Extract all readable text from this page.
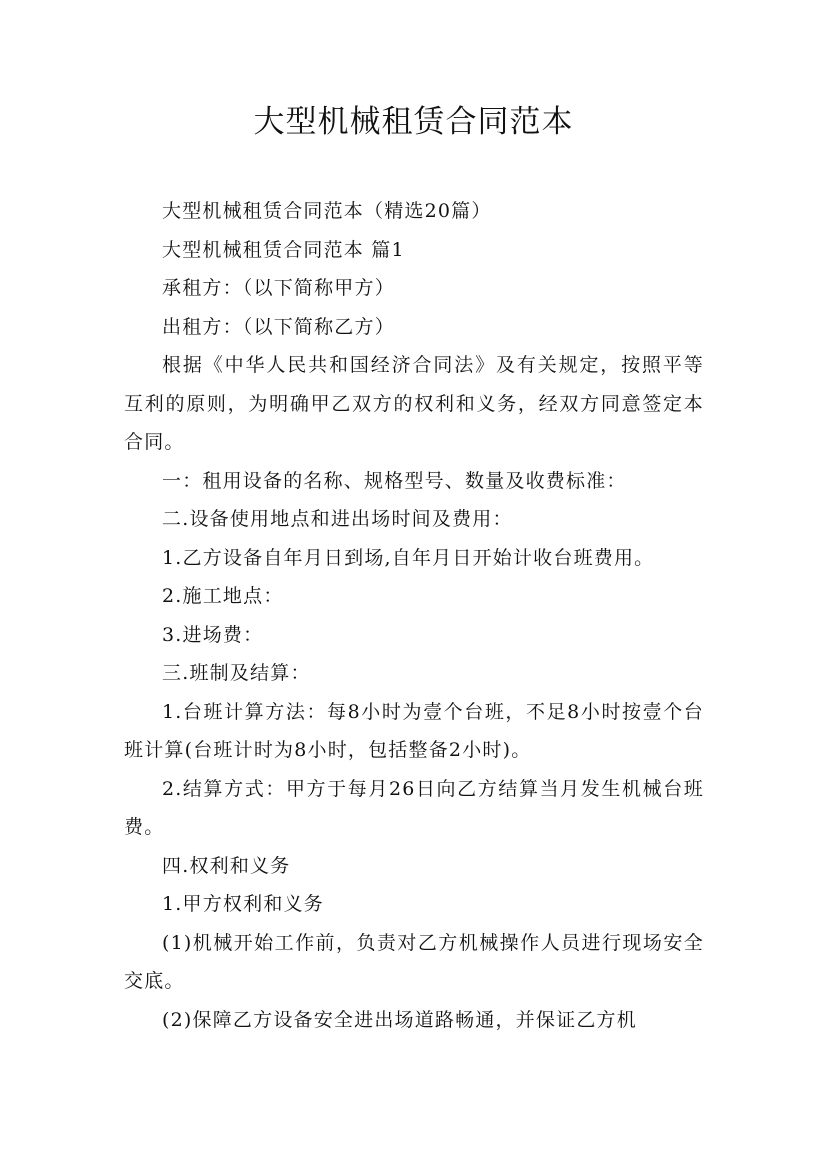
大型机械租赁合同范本

大型机械租赁合同范本（精选20篇）

大型机械租赁合同范本 篇1

承租方：（以下简称甲方）

出租方：（以下简称乙方）

根据《中华人民共和国经济合同法》及有关规定，按照平等互利的原则，为明确甲乙双方的权利和义务，经双方同意签定本合同。

一：租用设备的名称、规格型号、数量及收费标准：

二.设备使用地点和进出场时间及费用：

1.乙方设备自年月日到场,自年月日开始计收台班费用。

2.施工地点：

3.进场费：

三.班制及结算：

1.台班计算方法：每8小时为壹个台班，不足8小时按壹个台班计算(台班计时为8小时，包括整备2小时)。

2.结算方式：甲方于每月26日向乙方结算当月发生机械台班费。

四.权利和义务

1.甲方权利和义务

(1)机械开始工作前，负责对乙方机械操作人员进行现场安全交底。

(2)保障乙方设备安全进出场道路畅通，并保证乙方机
